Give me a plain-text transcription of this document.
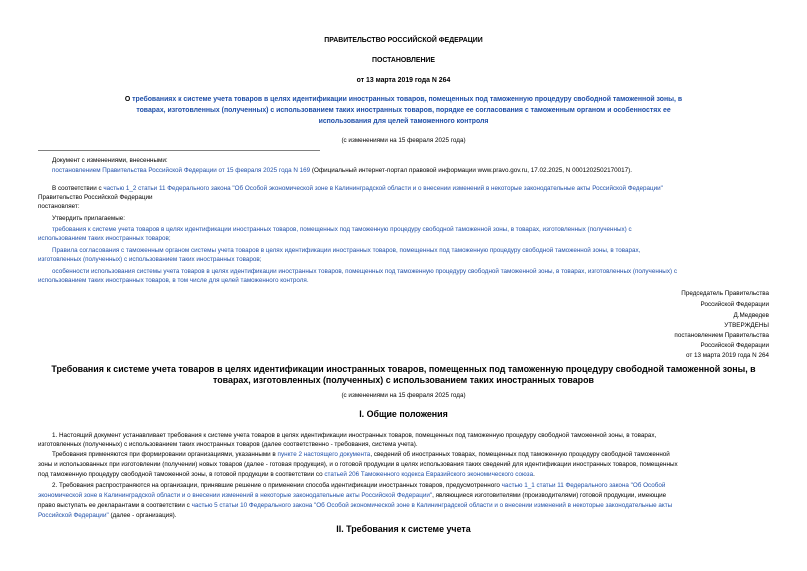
ПРАВИТЕЛЬСТВО РОССИЙСКОЙ ФЕДЕРАЦИИ
ПОСТАНОВЛЕНИЕ
от 13 марта 2019 года N 264
О требованиях к системе учета товаров в целях идентификации иностранных товаров, помещенных под таможенную процедуру свободной таможенной зоны, в
товарах, изготовленных (полученных) с использованием таких иностранных товаров, порядке ее согласования с таможенным органом и особенностях ее
использования для целей таможенного контроля
(с изменениями на 15 февраля 2025 года)
Документ с изменениями, внесенными:
постановлением Правительства Российской Федерации от 15 февраля 2025 года N 169 (Официальный интернет-портал правовой информации www.pravo.gov.ru, 17.02.2025, N 0001202502170017).
В соответствии с частью 1_2 статьи 11 Федерального закона "Об Особой экономической зоне в Калининградской области и о внесении изменений в некоторые законодательные акты Российской Федерации"
Правительство Российской Федерации
постановляет:
Утвердить прилагаемые:
требования к системе учета товаров в целях идентификации иностранных товаров, помещенных под таможенную процедуру свободной таможенной зоны, в товарах, изготовленных (полученных) с
использованием таких иностранных товаров;
Правила согласования с таможенным органом системы учета товаров в целях идентификации иностранных товаров, помещенных под таможенную процедуру свободной таможенной зоны, в товарах,
изготовленных (полученных) с использованием таких иностранных товаров;
особенности использования системы учета товаров в целях идентификации иностранных товаров, помещенных под таможенную процедуру свободной таможенной зоны, в товарах, изготовленных (полученных) с
использованием таких иностранных товаров, в том числе для целей таможенного контроля.
Председатель Правительства
Российской Федерации
Д.Медведев
УТВЕРЖДЕНЫ
постановлением Правительства
Российской Федерации
от 13 марта 2019 года N 264
Требования к системе учета товаров в целях идентификации иностранных товаров, помещенных под таможенную процедуру свободной таможенной зоны, в
товарах, изготовленных (полученных) с использованием таких иностранных товаров
(с изменениями на 15 февраля 2025 года)
I. Общие положения
1. Настоящий документ устанавливает требования к системе учета товаров в целях идентификации иностранных товаров, помещенных под таможенную процедуру свободной таможенной зоны, в товарах,
изготовленных (полученных) с использованием таких иностранных товаров (далее соответственно - требования, система учета).
Требования применяются при формировании организациями, указанными в пункте 2 настоящего документа, сведений об иностранных товарах, помещенных под таможенную процедуру свободной таможенной
зоны и использованных при изготовлении (получении) новых товаров (далее - готовая продукция), и о готовой продукции в целях использования таких сведений для идентификации иностранных товаров, помещенных
под таможенную процедуру свободной таможенной зоны, в готовой продукции в соответствии со статьей 206 Таможенного кодекса Евразийского экономического союза.
2. Требования распространяются на организации, принявшие решение о применении способа идентификации иностранных товаров, предусмотренного частью 1_1 статьи 11 Федерального закона "Об Особой
экономической зоне в Калининградской области и о внесении изменений в некоторые законодательные акты Российской Федерации", являющиеся изготовителями (производителями) готовой продукции, имеющие
право выступать ее декларантами в соответствии с частью 5 статьи 10 Федерального закона "Об Особой экономической зоне в Калининградской области и о внесении изменений в некоторые законодательные акты
Российской Федерации" (далее - организация).
II. Требования к системе учета
